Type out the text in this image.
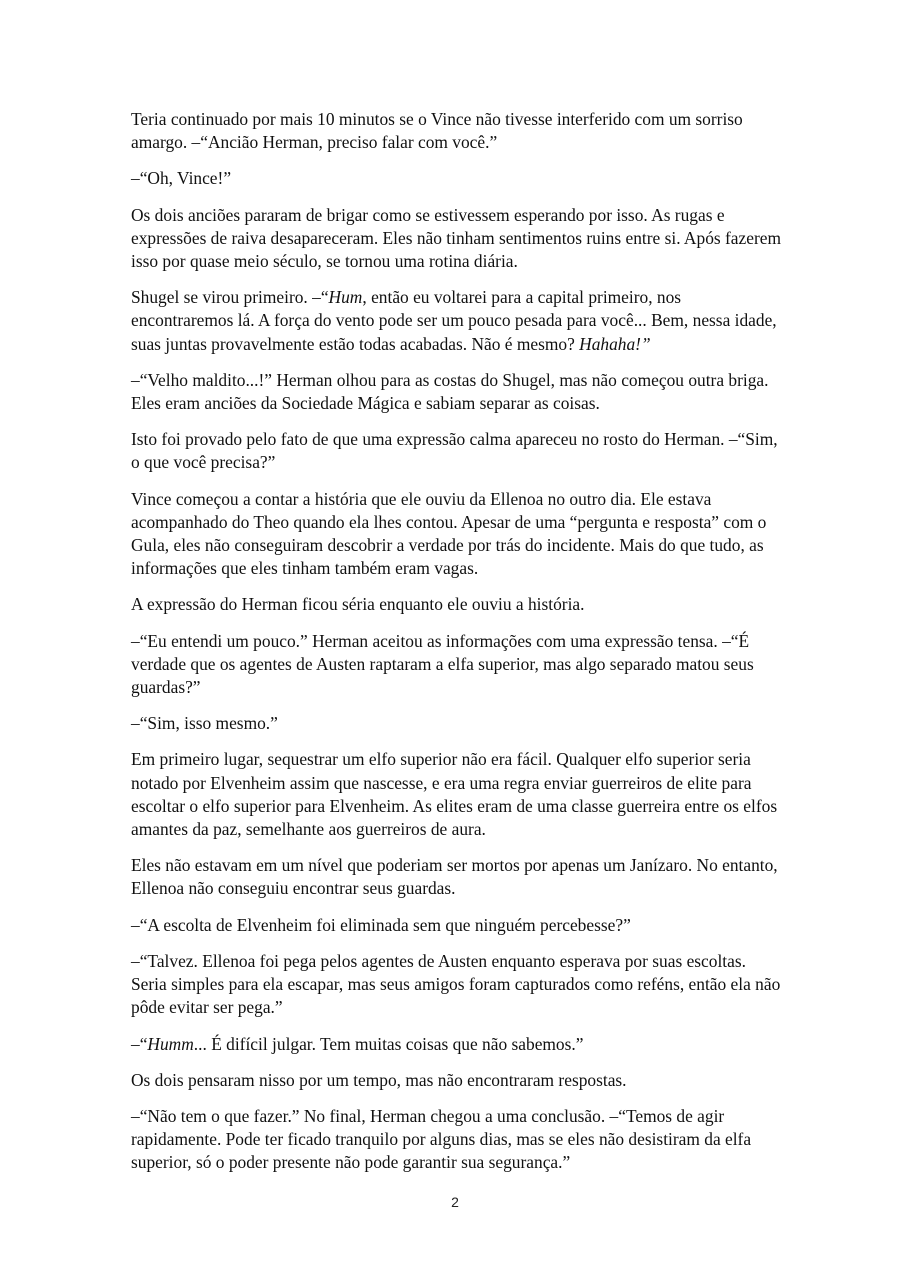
Teria continuado por mais 10 minutos se o Vince não tivesse interferido com um sorriso amargo. –“Ancião Herman, preciso falar com você.”

–“Oh, Vince!”

Os dois anciões pararam de brigar como se estivessem esperando por isso. As rugas e expressões de raiva desapareceram. Eles não tinham sentimentos ruins entre si. Após fazerem isso por quase meio século, se tornou uma rotina diária.

Shugel se virou primeiro. –“Hum, então eu voltarei para a capital primeiro, nos encontraremos lá. A força do vento pode ser um pouco pesada para você... Bem, nessa idade, suas juntas provavelmente estão todas acabadas. Não é mesmo? Hahaha!”

–“Velho maldito...!” Herman olhou para as costas do Shugel, mas não começou outra briga. Eles eram anciões da Sociedade Mágica e sabiam separar as coisas.

Isto foi provado pelo fato de que uma expressão calma apareceu no rosto do Herman. –“Sim, o que você precisa?”

Vince começou a contar a história que ele ouviu da Ellenoa no outro dia. Ele estava acompanhado do Theo quando ela lhes contou. Apesar de uma “pergunta e resposta” com o Gula, eles não conseguiram descobrir a verdade por trás do incidente. Mais do que tudo, as informações que eles tinham também eram vagas.

A expressão do Herman ficou séria enquanto ele ouviu a história.

–“Eu entendi um pouco.” Herman aceitou as informações com uma expressão tensa. –“É verdade que os agentes de Austen raptaram a elfa superior, mas algo separado matou seus guardas?”

–“Sim, isso mesmo.”

Em primeiro lugar, sequestrar um elfo superior não era fácil. Qualquer elfo superior seria notado por Elvenheim assim que nascesse, e era uma regra enviar guerreiros de elite para escoltar o elfo superior para Elvenheim. As elites eram de uma classe guerreira entre os elfos amantes da paz, semelhante aos guerreiros de aura.

Eles não estavam em um nível que poderiam ser mortos por apenas um Janízaro. No entanto, Ellenoa não conseguiu encontrar seus guardas.

–“A escolta de Elvenheim foi eliminada sem que ninguém percebesse?”

–“Talvez. Ellenoa foi pega pelos agentes de Austen enquanto esperava por suas escoltas. Seria simples para ela escapar, mas seus amigos foram capturados como reféns, então ela não pôde evitar ser pega.”

–“Humm... É difícil julgar. Tem muitas coisas que não sabemos.”

Os dois pensaram nisso por um tempo, mas não encontraram respostas.

–“Não tem o que fazer.” No final, Herman chegou a uma conclusão. –“Temos de agir rapidamente. Pode ter ficado tranquilo por alguns dias, mas se eles não desistiram da elfa superior, só o poder presente não pode garantir sua segurança.”

2
